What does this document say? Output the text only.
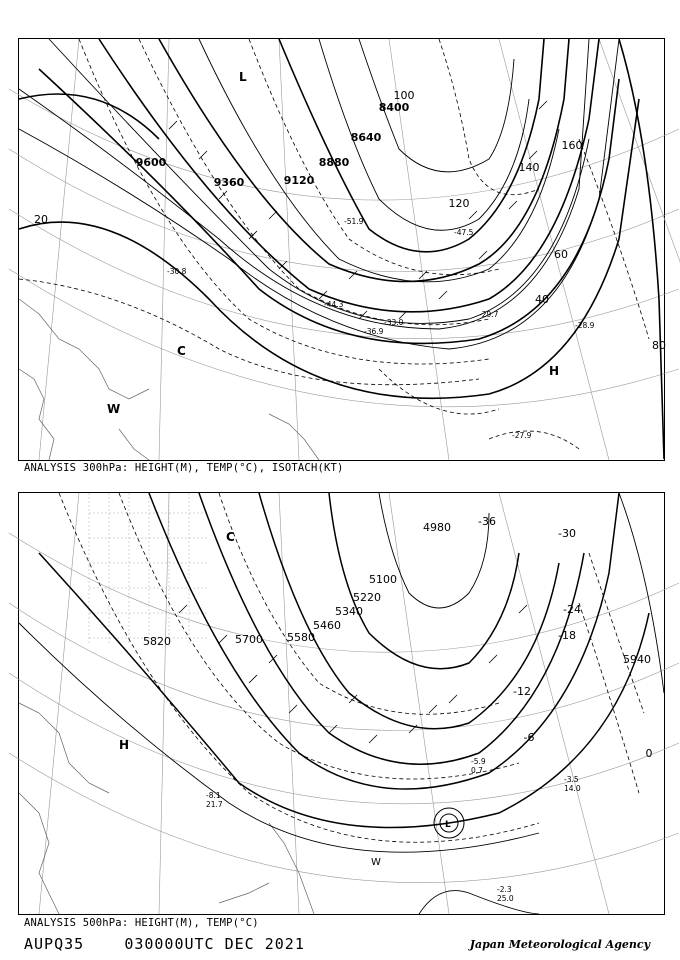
9600
9360	9120
8880
8640
8400
20
40
60
80
100
120
140
160
-51.9
-47.5
-44.3
-36.9
-33.0
-30.8
-29.7
-28.9
-27.9
L
C
W
H
ANALYSIS 300hPa: HEIGHT(M), TEMP(°C), ISOTACH(KT)
5100
5220
5340
5460
5580
5700
5820
5940
4980 -36
-30
-24
-18
-12
-6
0
-3.5
14.0
-2.3
25.0
-5.9
0.7
-8.1
21.7
L
C
H
W
ANALYSIS 500hPa: HEIGHT(M), TEMP(°C)
AUPQ35	030000UTC DEC 2021	Japan Meteorological Agency
